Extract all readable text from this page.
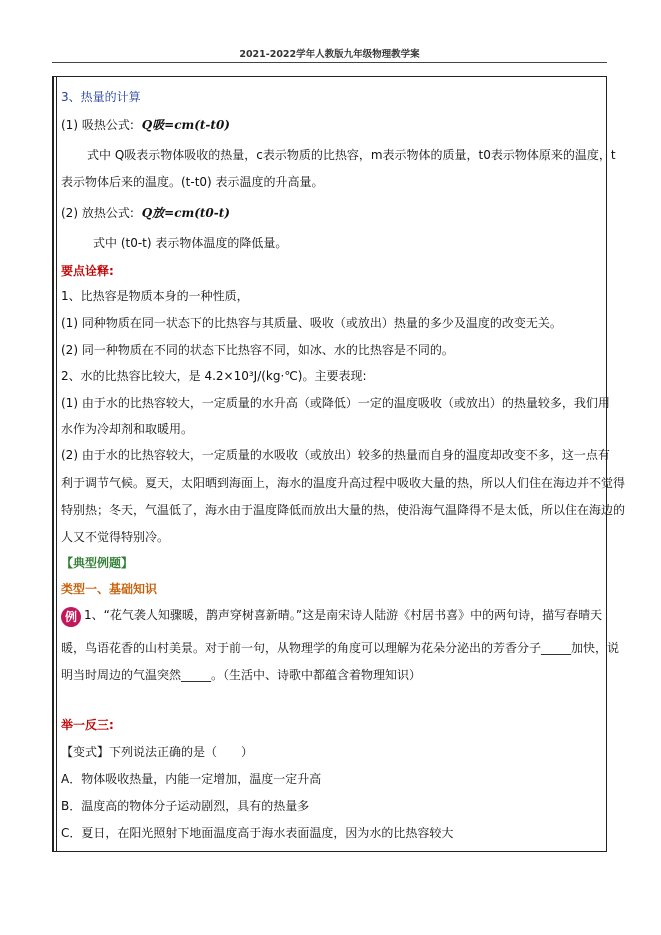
2021-2022学年人教版九年级物理教学案
3、热量的计算
(1) 吸热公式: Q吸=cm(t-t0)
式中 Q吸表示物体吸收的热量，c表示物质的比热容，m表示物体的质量，t0表示物体原来的温度，t
表示物体后来的温度。(t-t0) 表示温度的升高量。
(2) 放热公式: Q放=cm(t0-t)
式中 (t0-t) 表示物体温度的降低量。
要点诠释:
1、比热容是物质本身的一种性质，
(1) 同种物质在同一状态下的比热容与其质量、吸收（或放出）热量的多少及温度的改变无关。
(2) 同一种物质在不同的状态下比热容不同，如冰、水的比热容是不同的。
2、水的比热容比较大，是 4.2×10³J/(kg·℃)。主要表现:
(1) 由于水的比热容较大，一定质量的水升高（或降低）一定的温度吸收（或放出）的热量较多，我们用
水作为冷却剂和取暖用。
(2) 由于水的比热容较大，一定质量的水吸收（或放出）较多的热量而自身的温度却改变不多，这一点有
利于调节气候。夏天，太阳晒到海面上，海水的温度升高过程中吸收大量的热，所以人们住在海边并不觉得
特别热；冬天，气温低了，海水由于温度降低而放出大量的热，使沿海气温降得不是太低，所以住在海边的
人又不觉得特别冷。
【典型例题】
类型一、基础知识
例 1、“花气袭人知骤暖，鹊声穿树喜新晴。”这是南宋诗人陆游《村居书喜》中的两句诗，描写春晴天
暖，鸟语花香的山村美景。对于前一句，从物理学的角度可以理解为花朵分泌出的芳香分子_____加快，说
明当时周边的气温突然_____。（生活中、诗歌中都蕴含着物理知识）
举一反三:
【变式】下列说法正确的是（　　）
A．物体吸收热量，内能一定增加，温度一定升高
B．温度高的物体分子运动剧烈，具有的热量多
C．夏日，在阳光照射下地面温度高于海水表面温度，因为水的比热容较大
